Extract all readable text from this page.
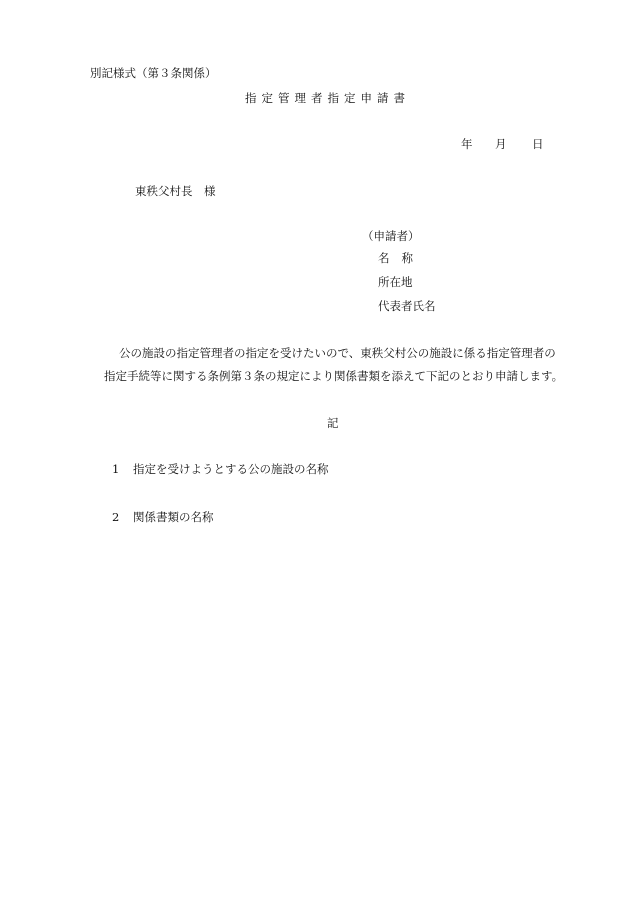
別記様式（第３条関係）
指定管理者指定申請書
年 月 日
東秩父村長　様
（申請者）
名称
所在地
代表者氏名
公の施設の指定管理者の指定を受けたいので、東秩父村公の施設に係る指定管理者の
指定手続等に関する条例第３条の規定により関係書類を添えて下記のとおり申請します。
記
1 指定を受けようとする公の施設の名称
2 関係書類の名称
